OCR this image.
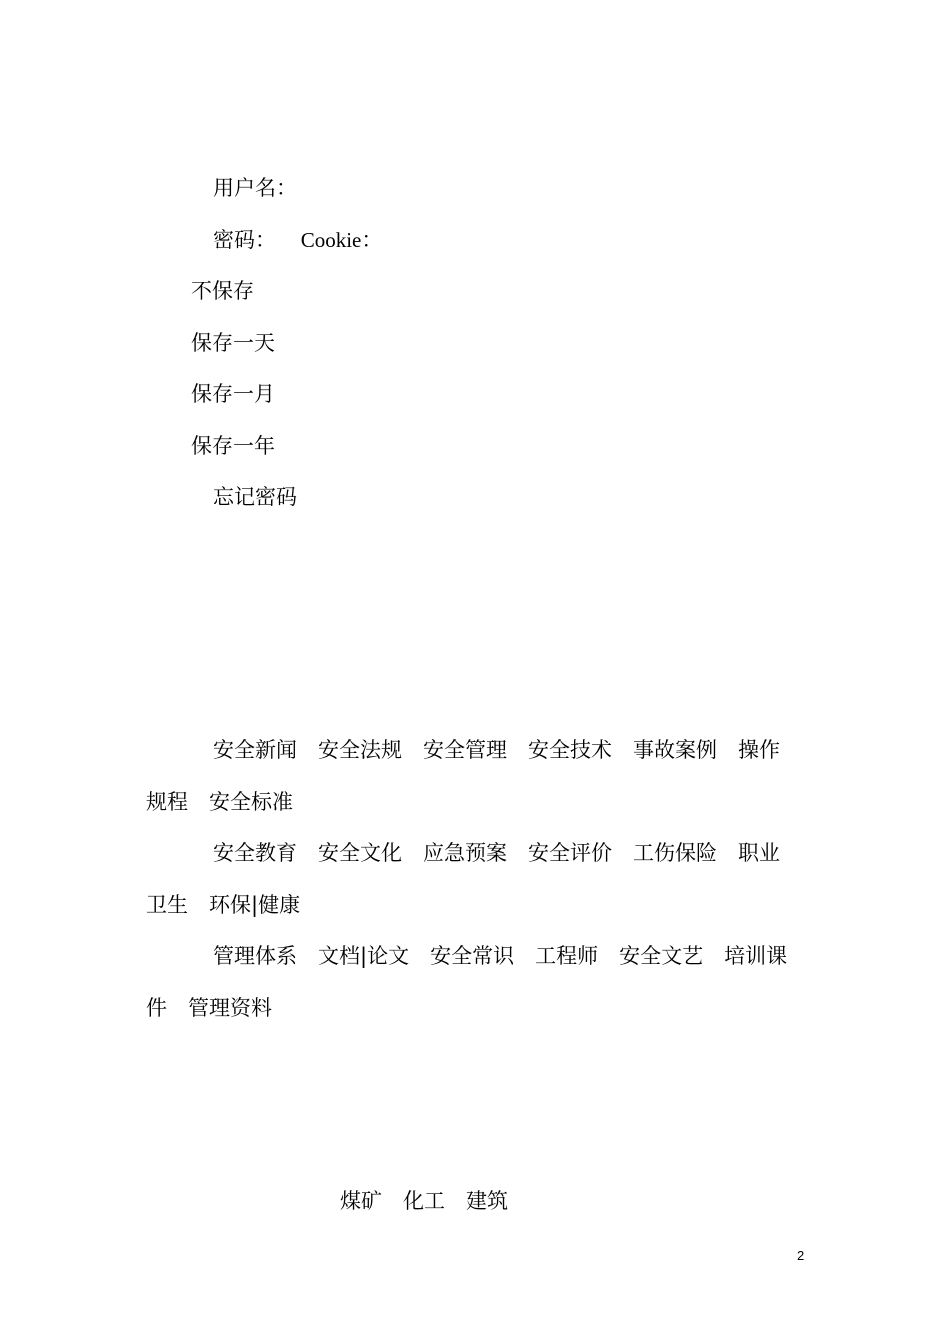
用户名：
密码： Cookie：
不保存
保存一天
保存一月
保存一年
忘记密码
安全新闻 安全法规 安全管理 安全技术 事故案例 操作规程 安全标准
安全教育 安全文化 应急预案 安全评价 工伤保险 职业卫生 环保|健康
管理体系 文档|论文 安全常识 工程师 安全文艺 培训课件 管理资料
煤矿 化工 建筑
2
